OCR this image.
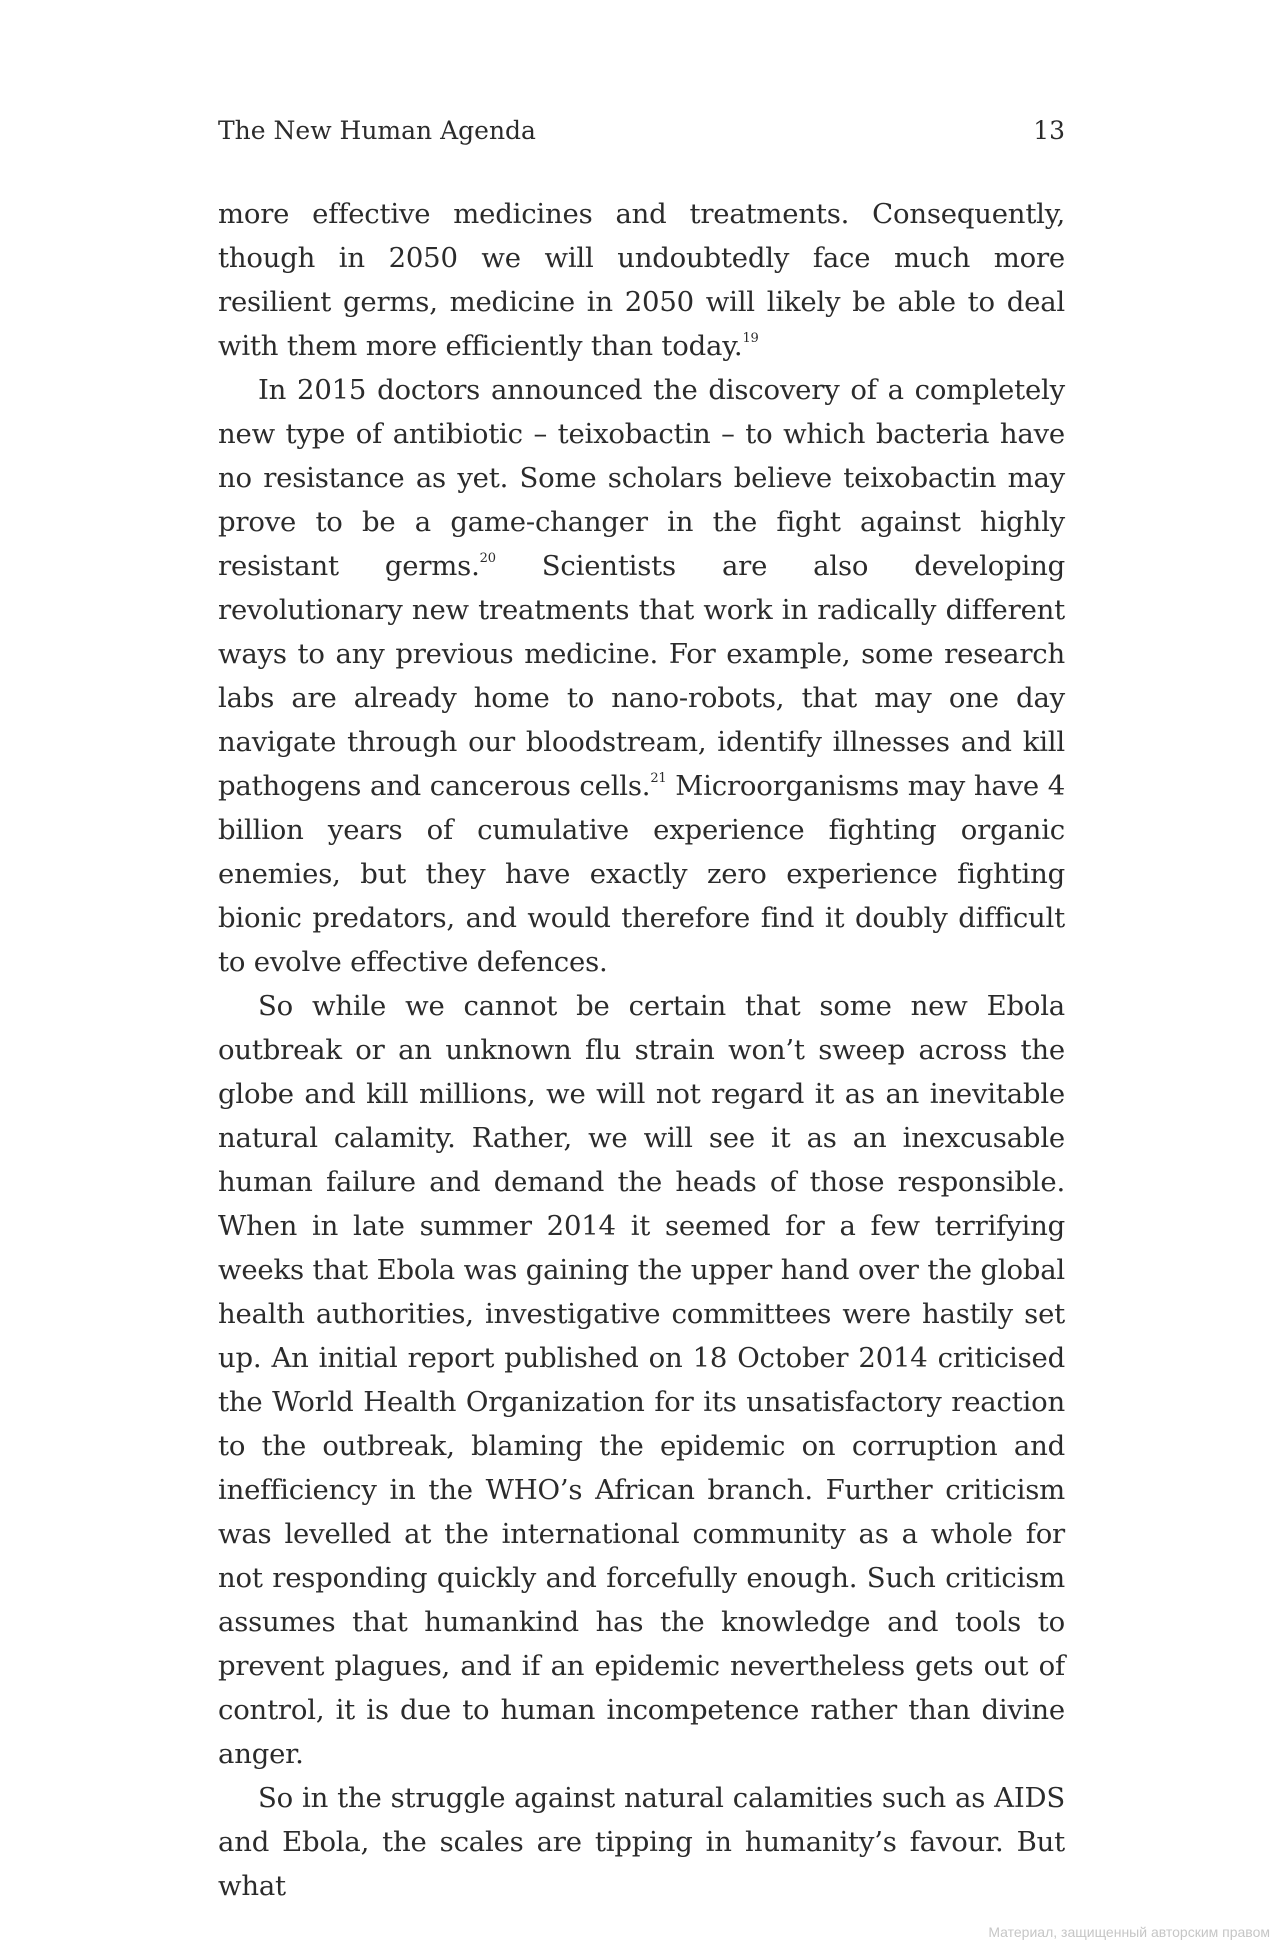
The New Human Agenda	13

more effective medicines and treatments. Consequently, though in 2050 we will undoubtedly face much more resilient germs, medicine in 2050 will likely be able to deal with them more efficiently than today.$^{19}$

In 2015 doctors announced the discovery of a completely new type of antibiotic – teixobactin – to which bacteria have no resistance as yet. Some scholars believe teixobactin may prove to be a game-changer in the fight against highly resistant germs.$^{20}$ Scientists are also developing revolutionary new treatments that work in radically different ways to any previous medicine. For example, some research labs are already home to nano-robots, that may one day navigate through our bloodstream, identify illnesses and kill pathogens and cancerous cells.$^{21}$ Microorganisms may have 4 billion years of cumulative experience fighting organic enemies, but they have exactly zero experience fighting bionic predators, and would therefore find it doubly difficult to evolve effective defences.

So while we cannot be certain that some new Ebola outbreak or an unknown flu strain won’t sweep across the globe and kill millions, we will not regard it as an inevitable natural calamity. Rather, we will see it as an inexcusable human failure and demand the heads of those responsible. When in late summer 2014 it seemed for a few terrifying weeks that Ebola was gaining the upper hand over the global health authorities, investigative committees were hastily set up. An initial report published on 18 October 2014 criticised the World Health Organization for its unsatisfactory reaction to the outbreak, blaming the epidemic on corruption and inefficiency in the WHO’s African branch. Further criticism was levelled at the international community as a whole for not responding quickly and forcefully enough. Such criticism assumes that humankind has the knowledge and tools to prevent plagues, and if an epidemic nevertheless gets out of control, it is due to human incompetence rather than divine anger.

So in the struggle against natural calamities such as AIDS and Ebola, the scales are tipping in humanity’s favour. But what

Материал, защищенный авторским правом
